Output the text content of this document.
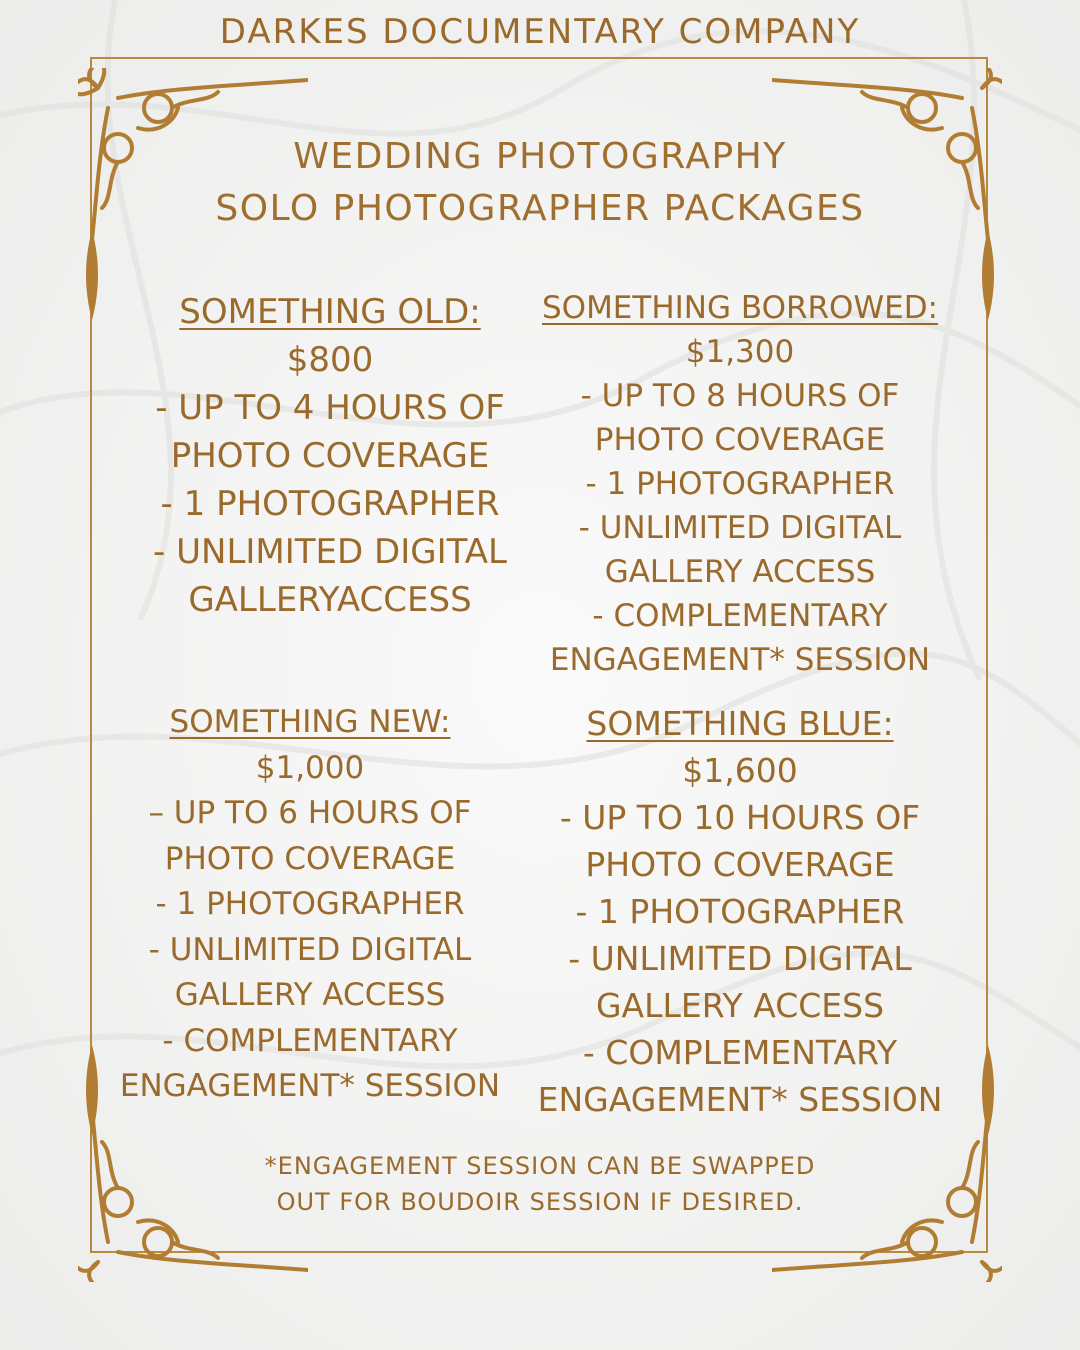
DARKES DOCUMENTARY COMPANY
WEDDING PHOTOGRAPHY
SOLO PHOTOGRAPHER PACKAGES
SOMETHING OLD:
$800
- UP TO 4 HOURS OF
PHOTO COVERAGE
- 1 PHOTOGRAPHER
- UNLIMITED DIGITAL
GALLERYACCESS
SOMETHING BORROWED:
$1,300
- UP TO 8 HOURS OF
PHOTO COVERAGE
- 1 PHOTOGRAPHER
- UNLIMITED DIGITAL
GALLERY ACCESS
- COMPLEMENTARY
ENGAGEMENT* SESSION
SOMETHING NEW:
$1,000
– UP TO 6 HOURS OF
PHOTO COVERAGE
- 1 PHOTOGRAPHER
- UNLIMITED DIGITAL
GALLERY ACCESS
- COMPLEMENTARY
ENGAGEMENT* SESSION
SOMETHING BLUE:
$1,600
- UP TO 10 HOURS OF
PHOTO COVERAGE
- 1 PHOTOGRAPHER
- UNLIMITED DIGITAL
GALLERY ACCESS
- COMPLEMENTARY
ENGAGEMENT* SESSION
*ENGAGEMENT SESSION CAN BE SWAPPED
OUT FOR BOUDOIR SESSION IF DESIRED.
